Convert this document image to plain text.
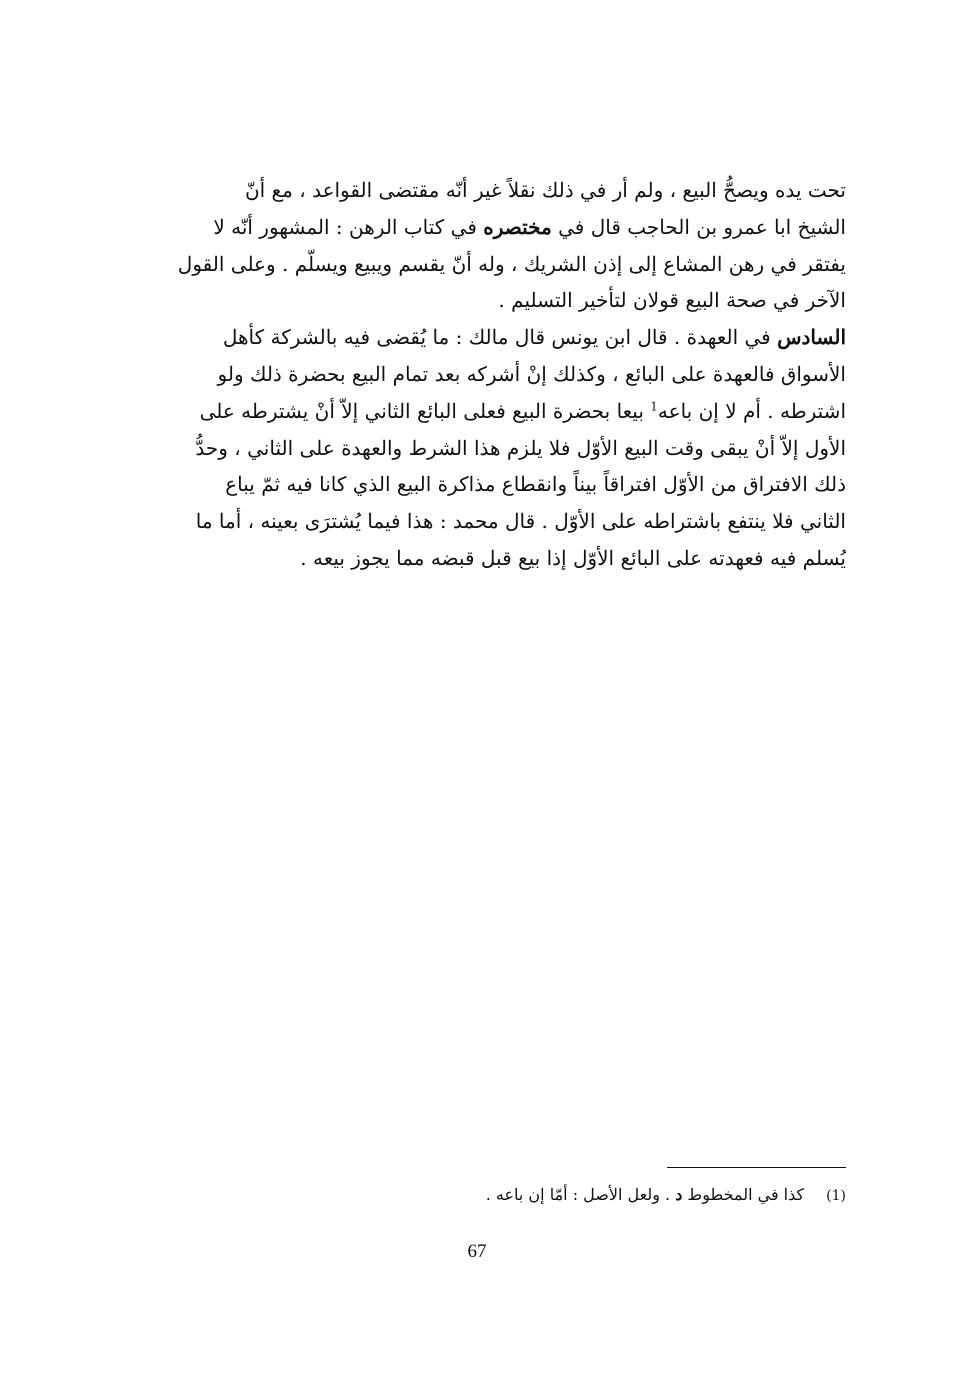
تحت يده ويصحُّ البيع ، ولم أر في ذلك نقلاً غير أنّه مقتضى القواعد ، مع أنّ
الشيخ ابا عمرو بن الحاجب قال في مختصره في كتاب الرهن : المشهور أنّه لا
يفتقر في رهن المشاع إلى إذن الشريك ، وله أنّ يقسم ويبيع ويسلّم . وعلى القول
الآخر في صحة البيع قولان لتأخير التسليم .

السادس في العهدة . قال ابن يونس قال مالك : ما يُقضى فيه بالشركة كأهل
الأسواق فالعهدة على البائع ، وكذلك إنْ أشركه بعد تمام البيع بحضرة ذلك ولو
اشترطه . أم لا إن باعه$^1$ بيعا بحضرة البيع فعلى البائع الثاني إلاّ أنْ يشترطه على
الأول إلاّ أنْ يبقى وقت البيع الأوّل فلا يلزم هذا الشرط والعهدة على الثاني ، وحدُّ
ذلك الافتراق من الأوّل افتراقاً بيناً وانقطاع مذاكرة البيع الذي كانا فيه ثمّ يباع
الثاني فلا ينتفع باشتراطه على الأوّل . قال محمد : هذا فيما يُشترَى بعينه ، أما ما
يُسلم فيه فعهدته على البائع الأوّل إذا بيع قبل قبضه مما يجوز بيعه .

(1)كذا في المخطوط د . ولعل الأصل : أمّا إن باعه .
67
